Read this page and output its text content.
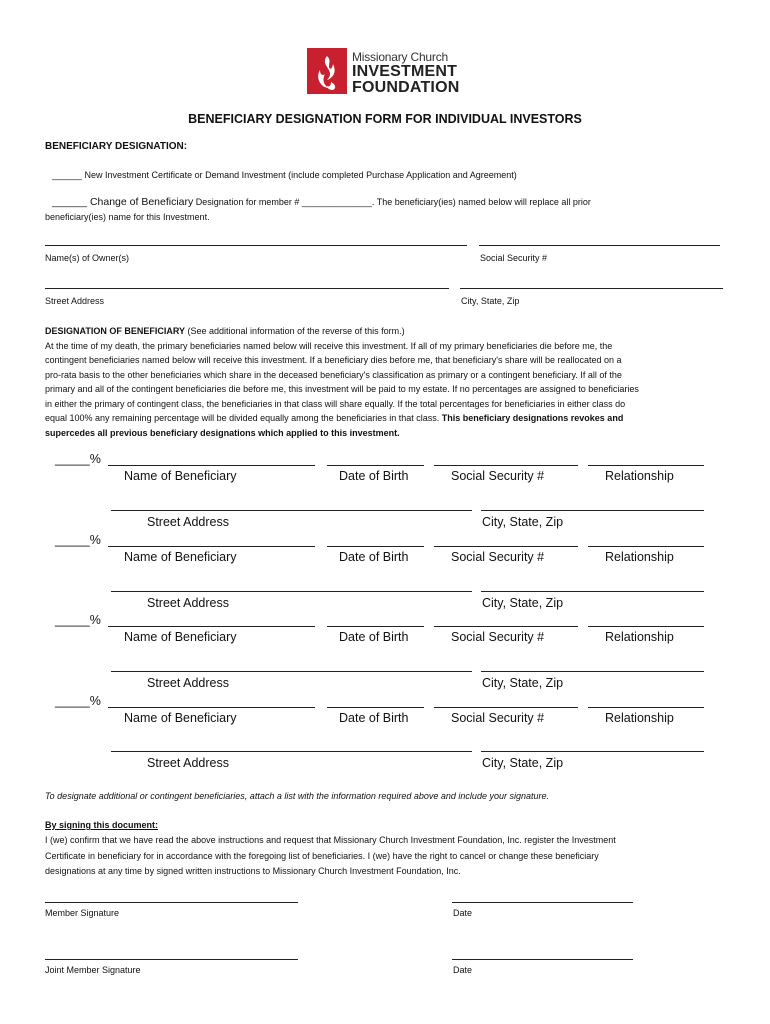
Missionary Church
INVESTMENT
FOUNDATION
BENEFICIARY DESIGNATION FORM FOR INDIVIDUAL INVESTORS
BENEFICIARY DESIGNATION:
______ New Investment Certificate or Demand Investment (include completed Purchase Application and Agreement)
______ Change of Beneficiary Designation for member # ______________. The beneficiary(ies) named below will replace all prior
beneficiary(ies) name for this Investment.
Name(s) of Owner(s)	Social Security #
Street Address	City, State, Zip
DESIGNATION OF BENEFICIARY (See additional information of the reverse of this form.)
At the time of my death, the primary beneficiaries named below will receive this investment. If all of my primary beneficiaries die before me, the
contingent beneficiaries named below will receive this investment. If a beneficiary dies before me, that beneficiary's share will be reallocated on a
pro-rata basis to the other beneficiaries which share in the deceased beneficiary's classification as primary or a contingent beneficiary. If all of the
primary and all of the contingent beneficiaries die before me, this investment will be paid to my estate. If no percentages are assigned to beneficiaries
in either the primary of contingent class, the beneficiaries in that class will share equally. If the total percentages for beneficiaries in either class do
equal 100% any remaining percentage will be divided equally among the beneficiaries in that class. This beneficiary designations revokes and
supercedes all previous beneficiary designations which applied to this investment.
_____%
Name of Beneficiary	Date of Birth	Social Security #	Relationship
Street Address	City, State, Zip
_____%
Name of Beneficiary	Date of Birth	Social Security #	Relationship
Street Address	City, State, Zip
_____%
Name of Beneficiary	Date of Birth	Social Security #	Relationship
Street Address	City, State, Zip
_____%
Name of Beneficiary	Date of Birth	Social Security #	Relationship
Street Address	City, State, Zip
To designate additional or contingent beneficiaries, attach a list with the information required above and include your signature.
By signing this document:
I (we) confirm that we have read the above instructions and request that Missionary Church Investment Foundation, Inc. register the Investment
Certificate in beneficiary for in accordance with the foregoing list of beneficiaries. I (we) have the right to cancel or change these beneficiary
designations at any time by signed written instructions to Missionary Church Investment Foundation, Inc.
Member Signature	Date
Joint Member Signature	Date
